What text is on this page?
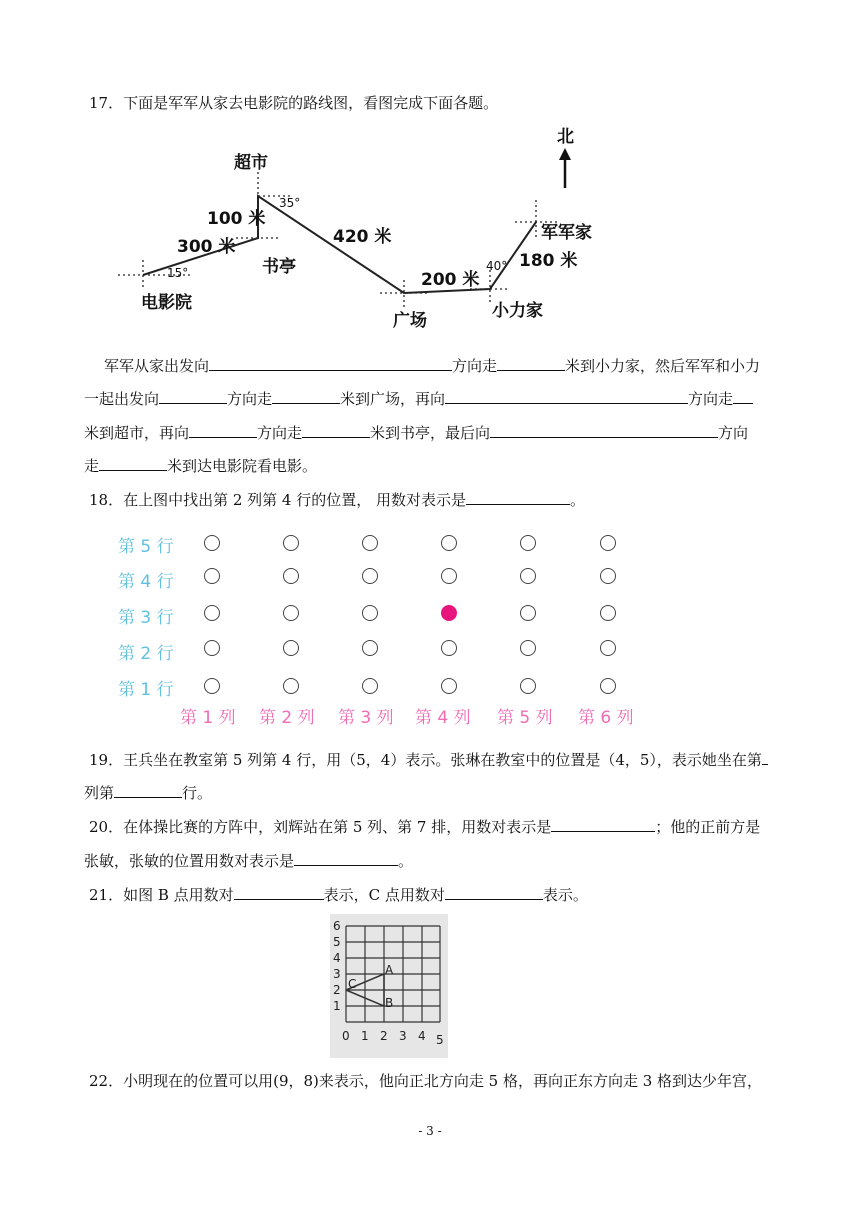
17．下面是军军从家去电影院的路线图，看图完成下面各题。
北
超市
书亭
电影院
广场	小力家
军军家
100 米
300 米	420 米
200 米
180 米
35°
15°	40°
军军从家出发向	方向走	米到小力家，然后军军和小力
一起出发向	方向走	米到广场，再向	方向走
米到超市，再向	方向走	米到书亭，最后向	方向
走	米到达电影院看电影。
18．在上图中找出第 2 列第 4 行的位置， 用数对表示是	。
第 5 行
第 4 行
第 3 行
第 2 行
第 1 行
第 1 列 第 2 列 第 3 列 第 4 列 第 5 列 第 6 列
19．王兵坐在教室第 5 列第 4 行，用（5，4）表示。张琳在教室中的位置是（4，5），表示她坐在第
列第	行。
20．在体操比赛的方阵中，刘辉站在第 5 列、第 7 排，用数对表示是	；他的正前方是
张敏，张敏的位置用数对表示是	。
21．如图 B 点用数对	表示，C 点用数对	表示。
6
5
4
3
2
1
0 1 2 3 4 5
A
B
C
22．小明现在的位置可以用(9，8)来表示，他向正北方向走 5 格，再向正东方向走 3 格到达少年宫，
- 3 -
